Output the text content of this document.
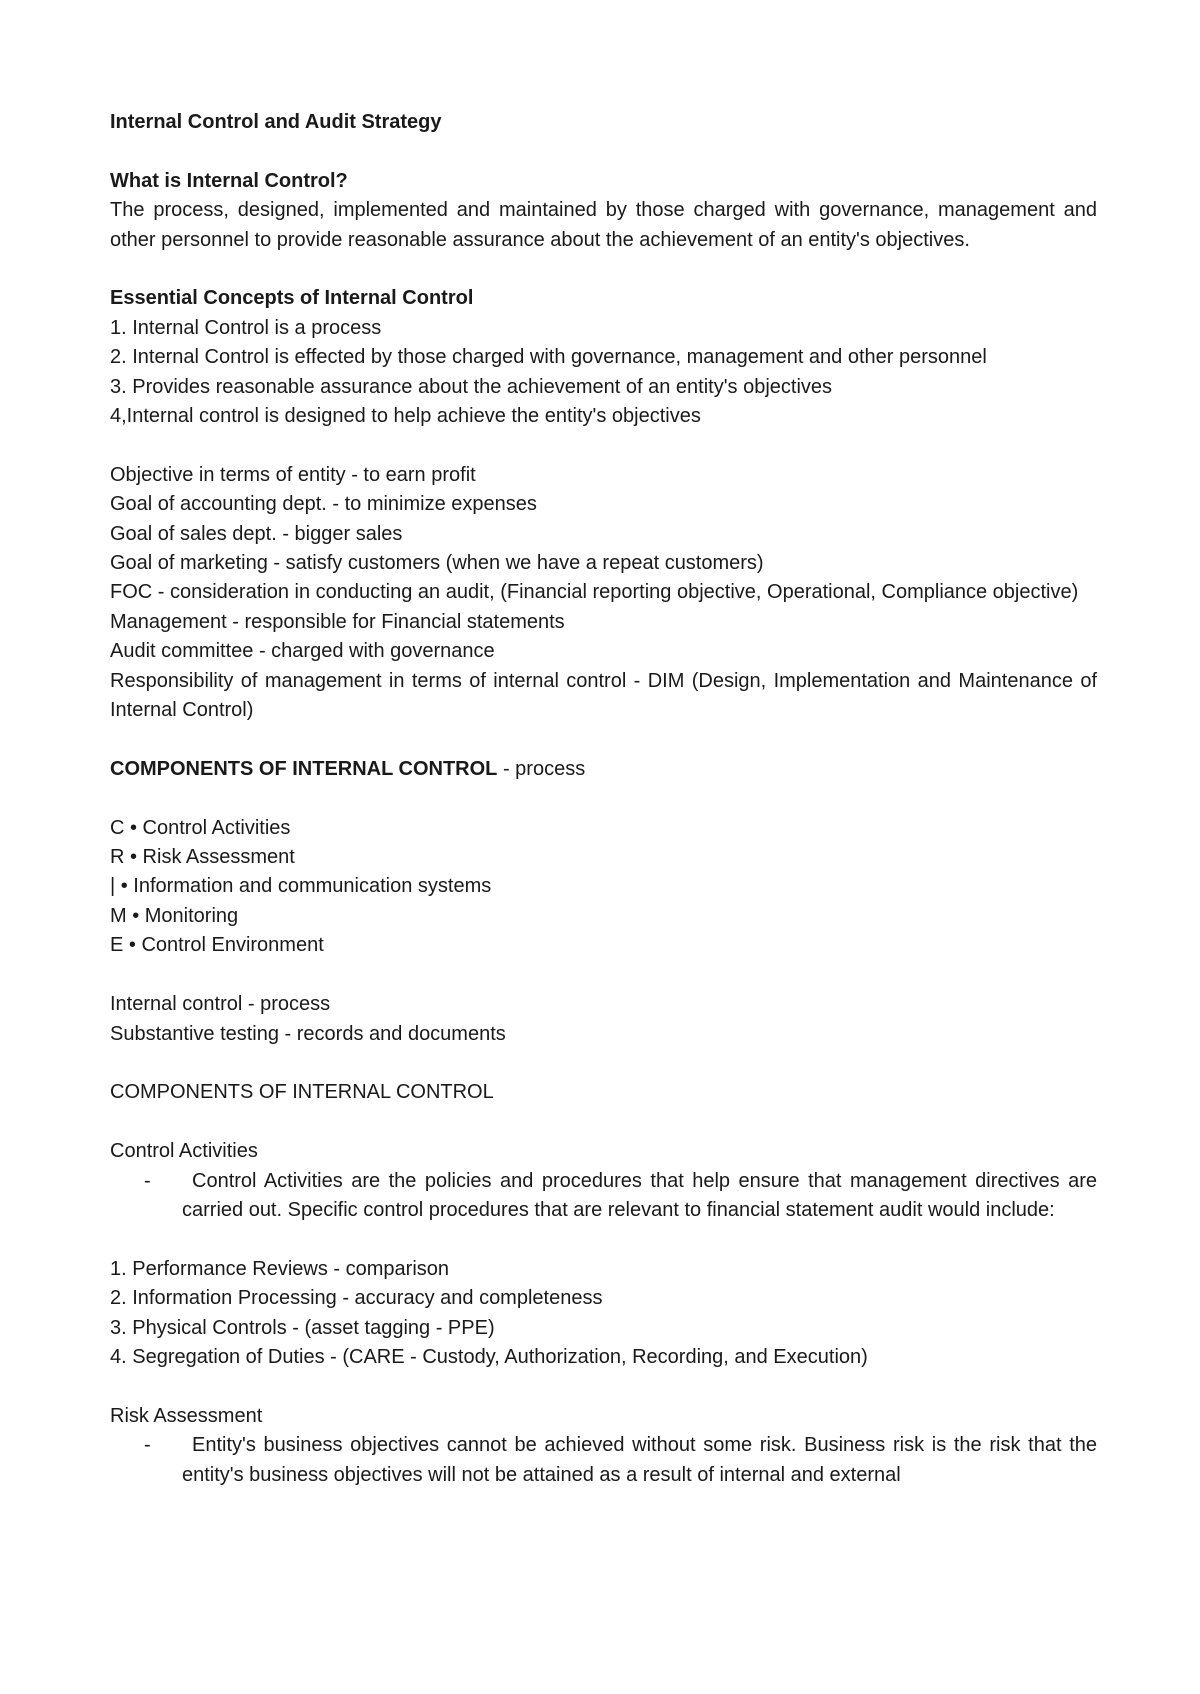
Internal Control and Audit Strategy

What is Internal Control?

The process, designed, implemented and maintained by those charged with governance, management and other personnel to provide reasonable assurance about the achievement of an entity's objectives.

Essential Concepts of Internal Control

1. Internal Control is a process

2. Internal Control is effected by those charged with governance, management and other personnel

3. Provides reasonable assurance about the achievement of an entity's objectives

4,Internal control is designed to help achieve the entity's objectives

Objective in terms of entity - to earn profit

Goal of accounting dept. - to minimize expenses

Goal of sales dept. - bigger sales

Goal of marketing - satisfy customers (when we have a repeat customers)

FOC - consideration in conducting an audit, (Financial reporting objective, Operational, Compliance objective)

Management - responsible for Financial statements

Audit committee - charged with governance

Responsibility of management in terms of internal control - DIM (Design, Implementation and Maintenance of Internal Control)

COMPONENTS OF INTERNAL CONTROL - process

C • Control Activities

R • Risk Assessment

| • Information and communication systems

M • Monitoring

E • Control Environment

Internal control - process

Substantive testing - records and documents

COMPONENTS OF INTERNAL CONTROL

Control Activities

-	Control Activities are the policies and procedures that help ensure that management directives are carried out. Specific control procedures that are relevant to financial statement audit would include:

1. Performance Reviews - comparison

2. Information Processing - accuracy and completeness

3. Physical Controls - (asset tagging - PPE)

4. Segregation of Duties - (CARE - Custody, Authorization, Recording, and Execution)

Risk Assessment

-	Entity's business objectives cannot be achieved without some risk. Business risk is the risk that the entity's business objectives will not be attained as a result of internal and external
